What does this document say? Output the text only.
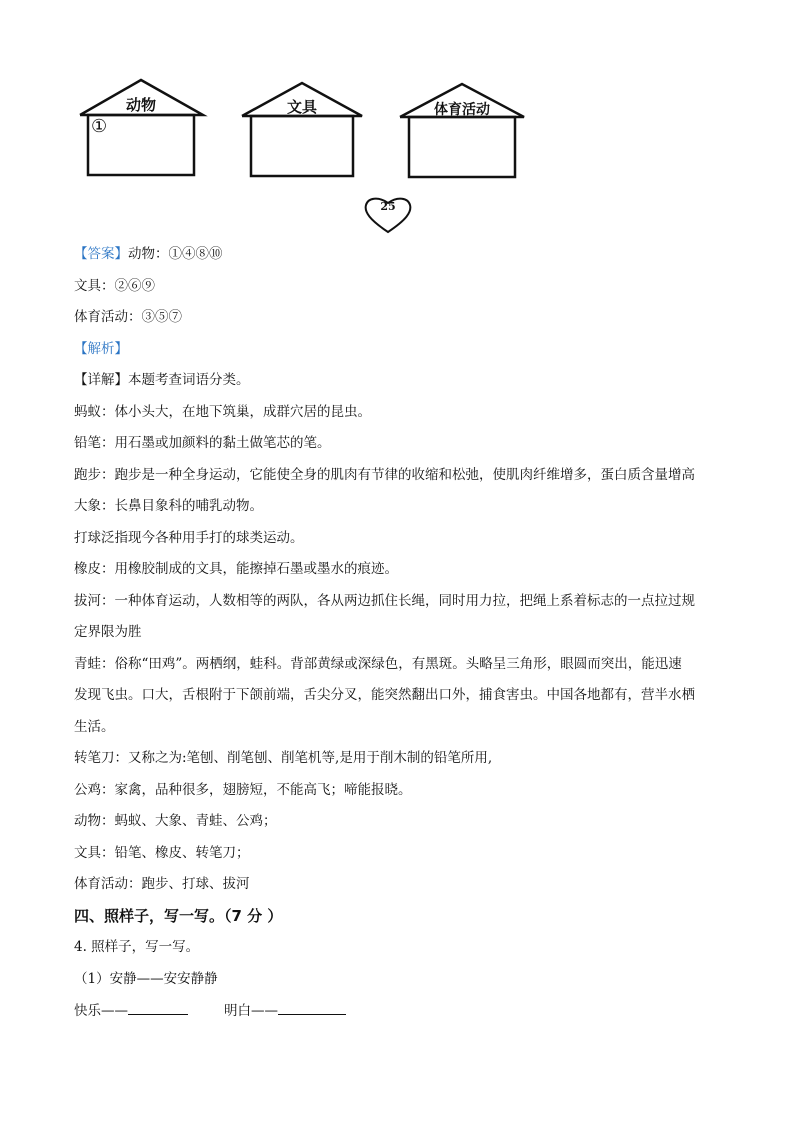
动物	文具	体育活动
①
25

【答案】动物：①④⑧⑩

文具：②⑥⑨

体育活动：③⑤⑦

【解析】

【详解】本题考查词语分类。

蚂蚁：体小头大，在地下筑巢，成群穴居的昆虫。

铅笔：用石墨或加颜料的黏土做笔芯的笔。

跑步：跑步是一种全身运动，它能使全身的肌肉有节律的收缩和松弛，使肌肉纤维增多，蛋白质含量增高

大象：长鼻目象科的哺乳动物。

打球泛指现今各种用手打的球类运动。

橡皮：用橡胶制成的文具，能擦掉石墨或墨水的痕迹。

拔河：一种体育运动，人数相等的两队，各从两边抓住长绳，同时用力拉，把绳上系着标志的一点拉过规

定界限为胜

青蛙：俗称“田鸡”。两栖纲，蛙科。背部黄绿或深绿色，有黑斑。头略呈三角形，眼圆而突出，能迅速

发现飞虫。口大，舌根附于下颌前端，舌尖分叉，能突然翻出口外，捕食害虫。中国各地都有，营半水栖

生活。

转笔刀：又称之为:笔刨、削笔刨、削笔机等,是用于削木制的铅笔所用,

公鸡：家禽，品种很多，翅膀短，不能高飞；啼能报晓。

动物：蚂蚁、大象、青蛙、公鸡；

文具：铅笔、橡皮、转笔刀；

体育活动：跑步、打球、拔河

四、照样子，写一写。（7 分 ）

4. 照样子，写一写。

（1）安静——安安静静

快乐——	明白——
